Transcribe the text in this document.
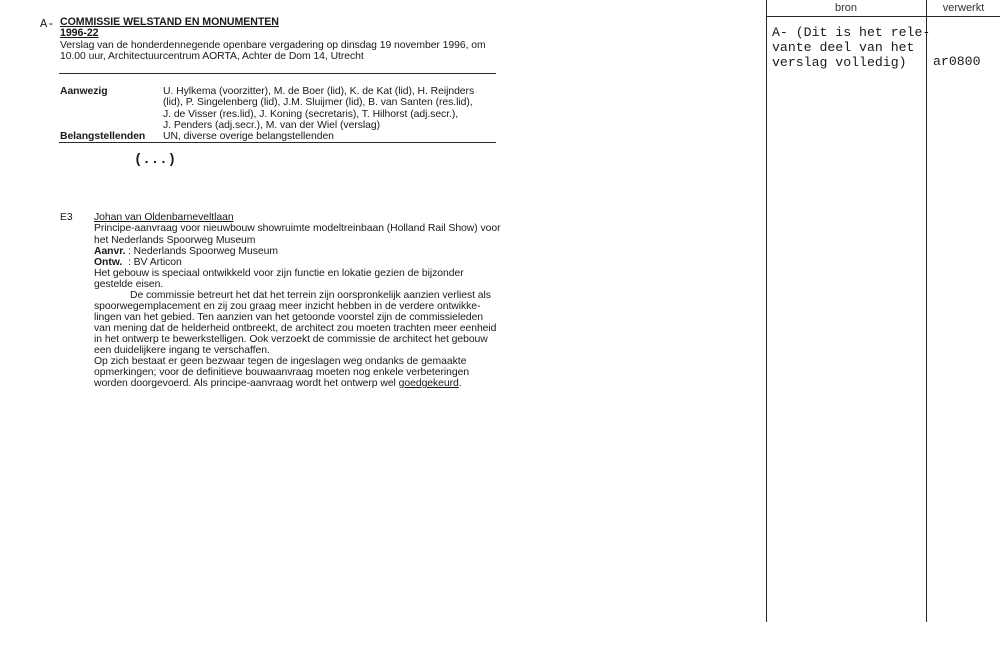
A- COMMISSIE WELSTAND EN MONUMENTEN
1996-22
Verslag van de honderdennegende openbare vergadering op dinsdag 19 november 1996, om
10.00 uur, Architectuurcentrum AORTA, Achter de Dom 14, Utrecht
Aanwezig	U. Hylkema (voorzitter), M. de Boer (lid), K. de Kat (lid), H. Reijnders
(lid), P. Singelenberg (lid), J.M. Sluijmer (lid), B. van Santen (res.lid),
J. de Visser (res.lid), J. Koning (secretaris), T. Hilhorst (adj.secr.),
J. Penders (adj.secr.), M. van der Wiel (verslag)
Belangstellenden UN, diverse overige belangstellenden
(...)
E3 Johan van Oldenbarneveltlaan
Principe-aanvraag voor nieuwbouw showruimte modeltreinbaan (Holland Rail Show) voor
het Nederlands Spoorweg Museum
Aanvr. : Nederlands Spoorweg Museum
Ontw. : BV Articon
Het gebouw is speciaal ontwikkeld voor zijn functie en lokatie gezien de bijzonder
gestelde eisen.
De commissie betreurt het dat het terrein zijn oorspronkelijk aanzien verliest als
spoorwegemplacement en zij zou graag meer inzicht hebben in de verdere ontwikke-
lingen van het gebied. Ten aanzien van het getoonde voorstel zijn de commissieleden
van mening dat de helderheid ontbreekt, de architect zou moeten trachten meer eenheid
in het ontwerp te bewerkstelligen. Ook verzoekt de commissie de architect het gebouw
een duidelijkere ingang te verschaffen.
Op zich bestaat er geen bezwaar tegen de ingeslagen weg ondanks de gemaakte
opmerkingen; voor de definitieve bouwaanvraag moeten nog enkele verbeteringen
worden doorgevoerd. Als principe-aanvraag wordt het ontwerp wel goedgekeurd.
bron	verwerkt
A- (Dit is het rele-
vante deel van het
verslag volledig) ar0800
